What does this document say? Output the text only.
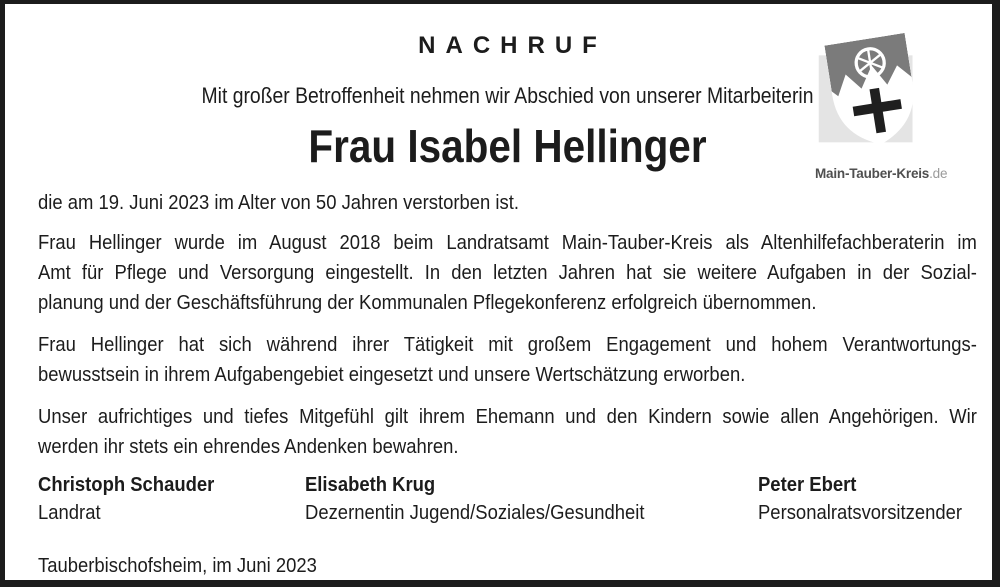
NACHRUF
Mit großer Betroffenheit nehmen wir Abschied von unserer Mitarbeiterin
Frau Isabel Hellinger
die am 19. Juni 2023 im Alter von 50 Jahren verstorben ist.
Frau Hellinger wurde im August 2018 beim Landratsamt Main-Tauber-Kreis als Altenhilfefachberaterin im
Amt für Pflege und Versorgung eingestellt. In den letzten Jahren hat sie weitere Aufgaben in der Sozial-
planung und der Geschäftsführung der Kommunalen Pflegekonferenz erfolgreich übernommen.
Frau Hellinger hat sich während ihrer Tätigkeit mit großem Engagement und hohem Verantwortungs-
bewusstsein in ihrem Aufgabengebiet eingesetzt und unsere Wertschätzung erworben.
Unser aufrichtiges und tiefes Mitgefühl gilt ihrem Ehemann und den Kindern sowie allen Angehörigen. Wir
werden ihr stets ein ehrendes Andenken bewahren.
Christoph Schauder
Landrat
Elisabeth Krug
Dezernentin Jugend/Soziales/Gesundheit
Peter Ebert
Personalratsvorsitzender
Tauberbischofsheim, im Juni 2023
Main-Tauber-Kreis.de
